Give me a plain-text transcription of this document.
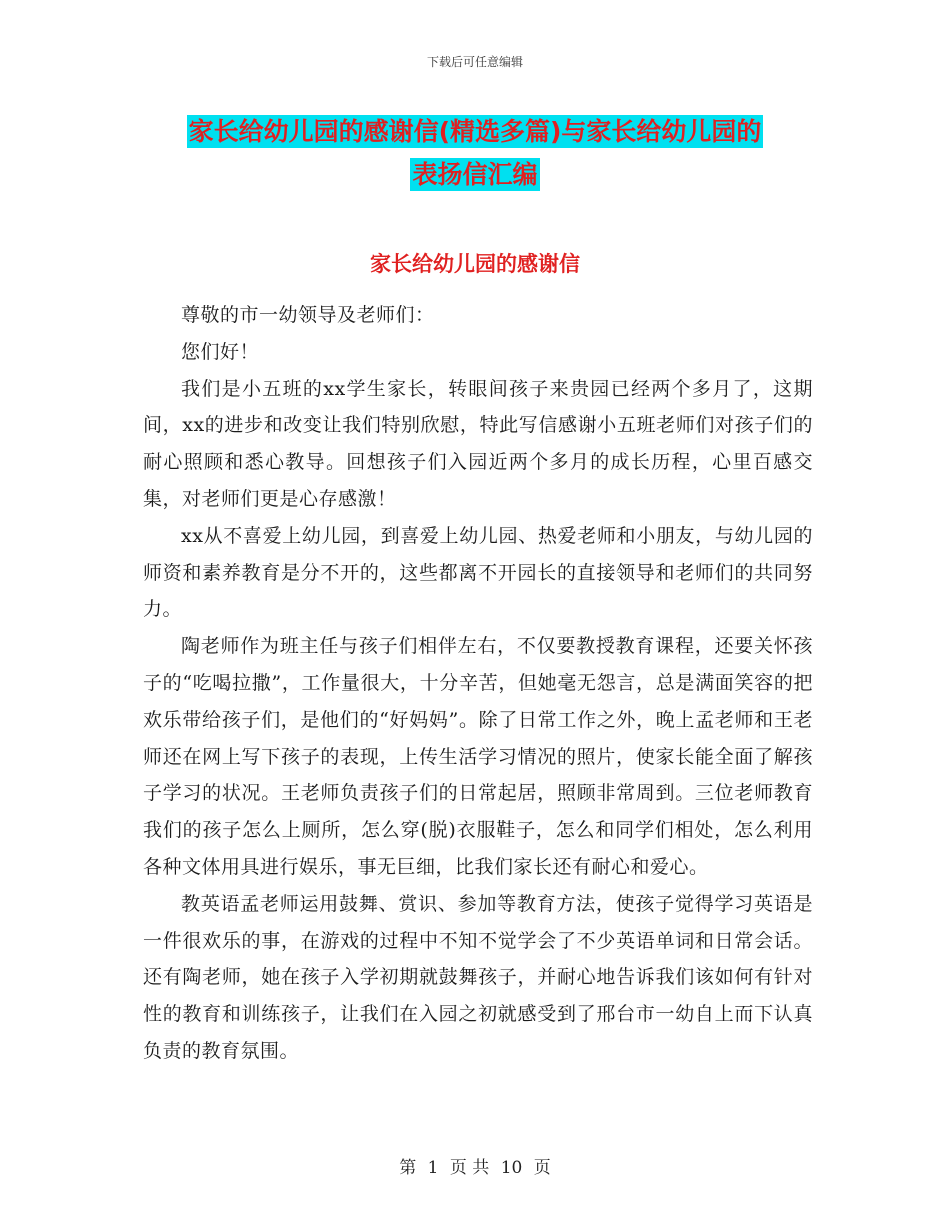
下载后可任意编辑
家长给幼儿园的感谢信(精选多篇)与家长给幼儿园的
表扬信汇编
家长给幼儿园的感谢信

尊敬的市一幼领导及老师们：

您们好！

我们是小五班的xx学生家长，转眼间孩子来贵园已经两个多月了，这期间，xx的进步和改变让我们特别欣慰，特此写信感谢小五班老师们对孩子们的耐心照顾和悉心教导。回想孩子们入园近两个多月的成长历程，心里百感交集，对老师们更是心存感激！

xx从不喜爱上幼儿园，到喜爱上幼儿园、热爱老师和小朋友，与幼儿园的师资和素养教育是分不开的，这些都离不开园长的直接领导和老师们的共同努力。

陶老师作为班主任与孩子们相伴左右，不仅要教授教育课程，还要关怀孩子的“吃喝拉撒”，工作量很大，十分辛苦，但她毫无怨言，总是满面笑容的把欢乐带给孩子们，是他们的“好妈妈”。除了日常工作之外，晚上孟老师和王老师还在网上写下孩子的表现，上传生活学习情况的照片，使家长能全面了解孩子学习的状况。王老师负责孩子们的日常起居，照顾非常周到。三位老师教育我们的孩子怎么上厕所，怎么穿(脱)衣服鞋子，怎么和同学们相处，怎么利用各种文体用具进行娱乐，事无巨细，比我们家长还有耐心和爱心。

教英语孟老师运用鼓舞、赏识、参加等教育方法，使孩子觉得学习英语是一件很欢乐的事，在游戏的过程中不知不觉学会了不少英语单词和日常会话。还有陶老师，她在孩子入学初期就鼓舞孩子，并耐心地告诉我们该如何有针对性的教育和训练孩子，让我们在入园之初就感受到了邢台市一幼自上而下认真负责的教育氛围。

第 1 页 共 10 页
